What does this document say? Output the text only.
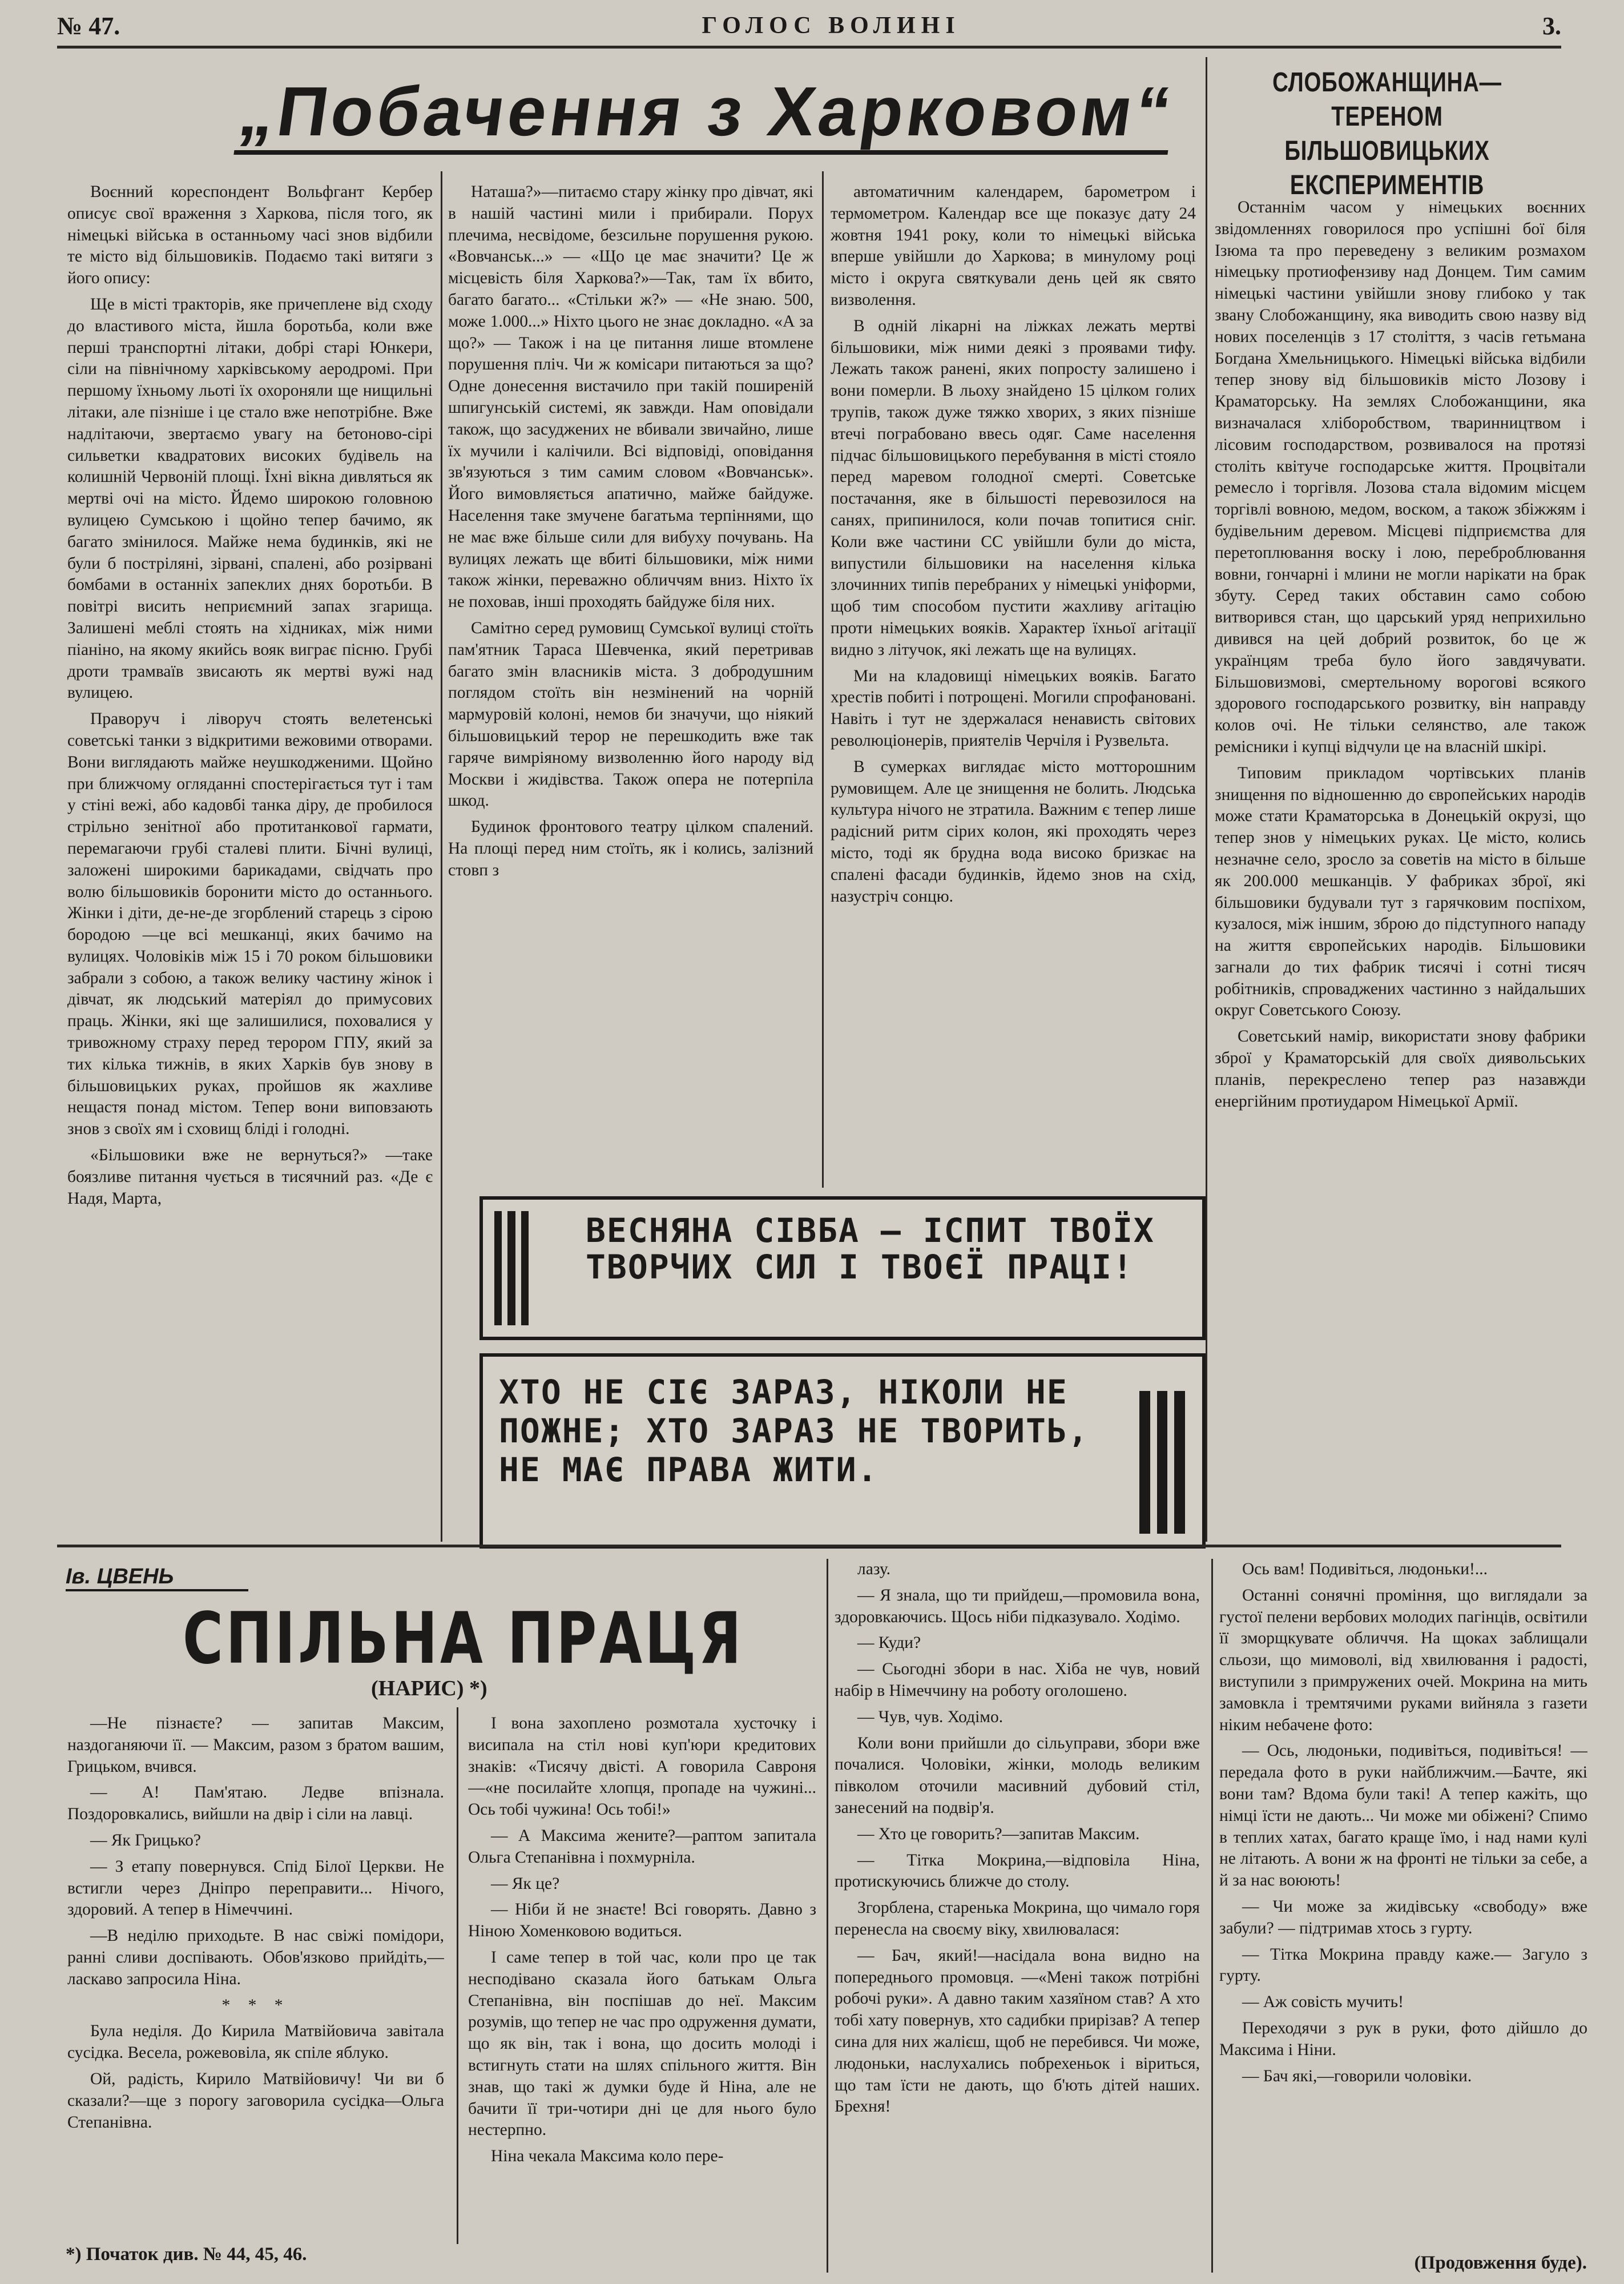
№ 47.	ГОЛОС ВОЛИНІ	3.
„Побачення з Харковом“

Воєнний кореспондент Вольфгант Кербер описує свої враження з Харкова, після того, як німецькі війська в останньому часі знов відбили те місто від більшовиків. Подаємо такі витяги з його опису:

Ще в місті тракторів, яке причеплене від сходу до властивого міста, йшла боротьба, коли вже перші транспортні літаки, добрі старі Юнкери, сіли на північному харківському аеродромі. При першому їхньому льоті їх охороняли ще нищильні літаки, але пізніше і це стало вже непотрібне. Вже надлітаючи, звертаємо увагу на бетоново-сірі сильветки квадратових високих будівель на колишній Червоній площі. Їхні вікна дивляться як мертві очі на місто. Йдемо широкою головною вулицею Сумською і щойно тепер бачимо, як багато змінилося. Майже нема будинків, які не були б постріляні, зірвані, спалені, або розірвані бомбами в останніх запеклих днях боротьби. В повітрі висить неприємний запах згарища. Залишені меблі стоять на хідниках, між ними піаніно, на якому якийсь вояк виграє пісню. Грубі дроти трамваїв звисають як мертві вужі над вулицею.

Праворуч і ліворуч стоять велетенські советські танки з відкритими вежовими отворами. Вони виглядають майже неушкодженими. Щойно при ближчому огляданні спостерігається тут і там у стіні вежі, або кадовбі танка діру, де пробилося стрільно зенітної або протитанкової гармати, перемагаючи грубі сталеві плити. Бічні вулиці, заложені широкими барикадами, свідчать про волю більшовиків боронити місто до останнього. Жінки і діти, де-не-де згорблений старець з сірою бородою —це всі мешканці, яких бачимо на вулицях. Чоловіків між 15 і 70 роком більшовики забрали з собою, а також велику частину жінок і дівчат, як людський матеріял до примусових праць. Жінки, які ще залишилися, поховалися у тривожному страху перед терором ГПУ, який за тих кілька тижнів, в яких Харків був знову в більшовицьких руках, пройшов як жахливе нещастя понад містом. Тепер вони виповзають знов з своїх ям і сховищ бліді і голодні.

«Більшовики вже не вернуться?» —таке боязливе питання чується в тисячний раз. «Де є Надя, Марта,

Наташа?»—питаємо стару жінку про дівчат, які в нашій частині мили і прибирали. Порух плечима, несвідоме, безсильне порушення рукою. «Вовчанськ...» — «Що це має значити? Це ж місцевість біля Харкова?»—Так, там їх вбито, багато багато... «Стільки ж?» — «Не знаю. 500, може 1.000...» Ніхто цього не знає докладно. «А за що?» — Також і на це питання лише втомлене порушення пліч. Чи ж комісари питаються за що? Одне донесення вистачило при такій поширеній шпигунській системі, як завжди. Нам оповідали також, що засуджених не вбивали звичайно, лише їх мучили і калічили. Всі відповіді, оповідання зв'язуються з тим самим словом «Вовчанськ». Його вимовляється апатично, майже байдуже. Населення таке змучене багатьма терпіннями, що не має вже більше сили для вибуху почувань. На вулицях лежать ще вбиті більшовики, між ними також жінки, переважно обличчям вниз. Ніхто їх не поховав, інші проходять байдуже біля них.

Самітно серед румовищ Сумської вулиці стоїть пам'ятник Тараса Шевченка, який перетривав багато змін власників міста. З добродушним поглядом стоїть він незмінений на чорній мармуровій колоні, немов би значучи, що ніякий більшовицький терор не перешкодить вже так гаряче вимріяному визволенню його народу від Москви і жидівства. Також опера не потерпіла шкод.

Будинок фронтового театру цілком спалений. На площі перед ним стоїть, як і колись, залізний стовп з

автоматичним календарем, барометром і термометром. Календар все ще показує дату 24 жовтня 1941 року, коли то німецькі війська вперше увійшли до Харкова; в минулому році місто і округа святкували день цей як свято визволення.

В одній лікарні на ліжках лежать мертві більшовики, між ними деякі з проявами тифу. Лежать також ранені, яких попросту залишено і вони померли. В льоху знайдено 15 цілком голих трупів, також дуже тяжко хворих, з яких пізніше втечі пограбовано ввесь одяг. Саме населення підчас більшовицького перебування в місті стояло перед маревом голодної смерті. Советське постачання, яке в більшості перевозилося на санях, припинилося, коли почав топитися сніг. Коли вже частини СС увійшли були до міста, випустили більшовики на населення кілька злочинних типів перебраних у німецькі уніформи, щоб тим способом пустити жахливу агітацію проти німецьких вояків. Характер їхньої агітації видно з літучок, які лежать ще на вулицях.

Ми на кладовищі німецьких вояків. Багато хрестів побиті і потрощені. Могили спрофановані. Навіть і тут не здержалася ненависть світових революціонерів, приятелів Черчіля і Рузвельта.

В сумерках виглядає місто мотторошним румовищем. Але це знищення не болить. Людська культура нічого не зтратила. Важним є тепер лише радісний ритм сірих колон, які проходять через місто, тоді як брудна вода високо бризкає на спалені фасади будинків, йдемо знов на схід, назустріч сонцю.

СЛОБОЖАНЩИНА—ТЕРЕНОМ БІЛЬШОВИЦЬКИХ ЕКСПЕРИМЕНТІВ

Останнім часом у німецьких воєнних звідомленнях говорилося про успішні бої біля Ізюма та про переведену з великим розмахом німецьку протиофензиву над Донцем. Тим самим німецькі частини увійшли знову глибоко у так звану Слобожанщину, яка виводить свою назву від нових поселенців з 17 століття, з часів гетьмана Богдана Хмельницького. Німецькі війська відбили тепер знову від більшовиків місто Лозову і Краматорську. На землях Слобожанщини, яка визначалася хліборобством, тваринництвом і лісовим господарством, розвивалося на протязі століть квітуче господарське життя. Процвітали ремесло і торгівля. Лозова стала відомим місцем торгівлі вовною, медом, воском, а також збіжжям і будівельним деревом. Місцеві підприємства для перетоплювання воску і лою, переброблювання вовни, гончарні і млини не могли нарікати на брак збуту. Серед таких обставин само собою витворився стан, що царський уряд неприхильно дивився на цей добрий розвиток, бо це ж українцям треба було його завдячувати. Більшовизмові, смертельному ворогові всякого здорового господарського розвитку, він направду колов очі. Не тільки селянство, але також ремісники і купці відчули це на власній шкірі.

Типовим прикладом чортівських планів знищення по відношенню до європейських народів може стати Краматорська в Донецькій окрузі, що тепер знов у німецьких руках. Це місто, колись незначне село, зросло за советів на місто в більше як 200.000 мешканців. У фабриках зброї, які більшовики будували тут з гарячковим поспіхом, кузалося, між іншим, зброю до підступного нападу на життя європейських народів. Більшовики загнали до тих фабрик тисячі і сотні тисяч робітників, спроваджених частинно з найдальших округ Советського Союзу.

Советський намір, використати знову фабрики зброї у Краматорській для своїх диявольських планів, перекреслено тепер раз назавжди енергійним протиударом Німецької Армії.

ВЕСНЯНА СІВБА — ІСПИТ ТВОЇХ ТВОРЧИХ СИЛ І ТВОЄЇ ПРАЦІ!
ХТО НЕ СІЄ ЗАРАЗ, НІКОЛИ НЕ ПОЖНЕ; ХТО ЗАРАЗ НЕ ТВОРИТЬ, НЕ МАЄ ПРАВА ЖИТИ.
Ів. ЦВЕНЬ
СПІЛЬНА ПРАЦЯ
(НАРИС) *)

—Не пізнаєте? — запитав Максим, наздоганяючи її. — Максим, разом з братом вашим, Грицьком, вчився.

— А! Пам'ятаю. Ледве впізнала. Поздоровкались, вийшли на двір і сіли на лавці.

— Як Грицько?

— З етапу повернувся. Спід Білої Церкви. Не встигли через Дніпро переправити... Нічого, здоровий. А тепер в Німеччині.

—В неділю приходьте. В нас свіжі помідори, ранні сливи доспівають. Обов'язково прийдіть,—ласкаво запросила Ніна.

* * *

Була неділя. До Кирила Матвійовича завітала сусідка. Весела, рожевовіла, як спіле яблуко.

Ой, радість, Кирило Матвійовичу! Чи ви б сказали?—ще з порогу заговорила сусідка—Ольга Степанівна.

І вона захоплено розмотала хусточку і висипала на стіл нові куп'юри кредитових знаків: «Тисячу двісті. А говорила Савроня—«не посилайте хлопця, пропаде на чужині... Ось тобі чужина! Ось тобі!»

— А Максима жените?—раптом запитала Ольга Степанівна і похмурніла.

— Як це?

— Ніби й не знаєте! Всі говорять. Давно з Ніною Хоменковою водиться.

І саме тепер в той час, коли про це так несподівано сказала його батькам Ольга Степанівна, він поспішав до неї. Максим розумів, що тепер не час про одруження думати, що як він, так і вона, що досить молоді і встигнуть стати на шлях спільного життя. Він знав, що такі ж думки буде й Ніна, але не бачити її три-чотири дні це для нього було нестерпно.

Ніна чекала Максима коло пере-

лазу.

— Я знала, що ти прийдеш,—промовила вона, здоровкаючись. Щось ніби підказувало. Ходімо.

— Куди?

— Сьогодні збори в нас. Хіба не чув, новий набір в Німеччину на роботу оголошено.

— Чув, чув. Ходімо.

Коли вони прийшли до сільуправи, збори вже почалися. Чоловіки, жінки, молодь великим півколом оточили масивний дубовий стіл, занесений на подвір'я.

— Хто це говорить?—запитав Максим.

— Тітка Мокрина,—відповіла Ніна, протискуючись ближче до столу.

Згорблена, старенька Мокрина, що чимало горя перенесла на своєму віку, хвилювалася:

— Бач, який!—насідала вона видно на попереднього промовця. —«Мені також потрібні робочі руки». А давно таким хазяїном став? А хто тобі хату повернув, хто садибки прирізав? А тепер сина для них жалієш, щоб не перебився. Чи може, людоньки, наслухались побрехеньок і віриться, що там їсти не дають, що б'ють дітей наших. Брехня!

Ось вам! Подивіться, людоньки!...

Останні сонячні проміння, що виглядали за густої пелени вербових молодих пагінців, освітили її зморщкувате обличчя. На щоках заблищали сльози, що мимоволі, від хвилювання і радості, виступили з примружених очей. Мокрина на мить замовкла і тремтячими руками вийняла з газети ніким небачене фото:

— Ось, людоньки, подивіться, подивіться! — передала фото в руки найближчим.—Бачте, які вони там? Вдома були такі! А тепер кажіть, що німці їсти не дають... Чи може ми обіжені? Спимо в теплих хатах, багато краще їмо, і над нами кулі не літають. А вони ж на фронті не тільки за себе, а й за нас воюють!

— Чи може за жидівську «свободу» вже забули? — підтримав хтось з гурту.

— Тітка Мокрина правду каже.— Загуло з гурту.

— Аж совість мучить!

Переходячи з рук в руки, фото дійшло до Максима і Ніни.

— Бач які,—говорили чоловіки.

*) Початок див. № 44, 45, 46.	(Продовження буде).
